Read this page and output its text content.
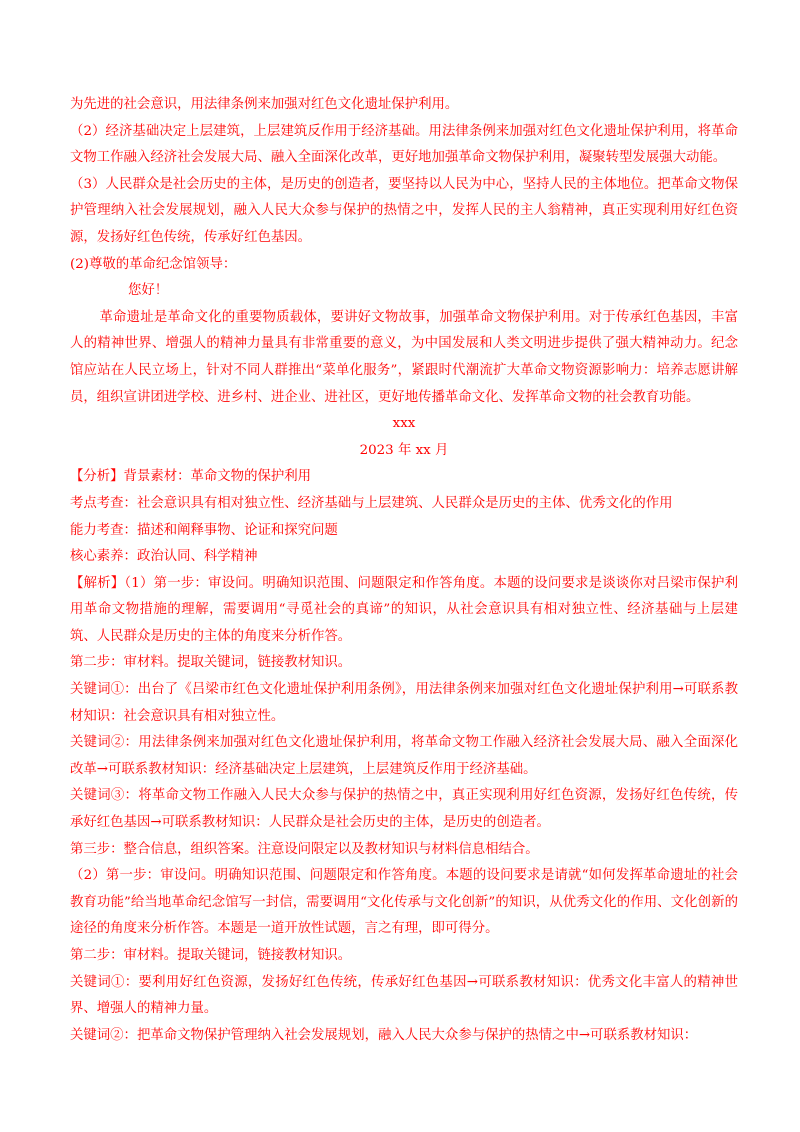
为先进的社会意识，用法律条例来加强对红色文化遗址保护利用。

（2）经济基础决定上层建筑，上层建筑反作用于经济基础。用法律条例来加强对红色文化遗址保护利用，将革命文物工作融入经济社会发展大局、融入全面深化改革，更好地加强革命文物保护利用，凝聚转型发展强大动能。

（3）人民群众是社会历史的主体，是历史的创造者，要坚持以人民为中心，坚持人民的主体地位。把革命文物保护管理纳入社会发展规划，融入人民大众参与保护的热情之中，发挥人民的主人翁精神，真正实现利用好红色资源，发扬好红色传统，传承好红色基因。

(2)尊敬的革命纪念馆领导：

您好！

革命遗址是革命文化的重要物质载体，要讲好文物故事，加强革命文物保护利用。对于传承红色基因，丰富人的精神世界、增强人的精神力量具有非常重要的意义，为中国发展和人类文明进步提供了强大精神动力。纪念馆应站在人民立场上，针对不同人群推出“菜单化服务”，紧跟时代潮流扩大革命文物资源影响力：培养志愿讲解员，组织宣讲团进学校、进乡村、进企业、进社区，更好地传播革命文化、发挥革命文物的社会教育功能。

xxx

2023 年 xx 月

【分析】背景素材：革命文物的保护利用

考点考查：社会意识具有相对独立性、经济基础与上层建筑、人民群众是历史的主体、优秀文化的作用

能力考查：描述和阐释事物、论证和探究问题

核心素养：政治认同、科学精神

【解析】（1）第一步：审设问。明确知识范围、问题限定和作答角度。本题的设问要求是谈谈你对吕梁市保护利用革命文物措施的理解，需要调用“寻觅社会的真谛”的知识，从社会意识具有相对独立性、经济基础与上层建筑、人民群众是历史的主体的角度来分析作答。

第二步：审材料。提取关键词，链接教材知识。

关键词①：出台了《吕梁市红色文化遗址保护利用条例》，用法律条例来加强对红色文化遗址保护利用→可联系教材知识：社会意识具有相对独立性。

关键词②：用法律条例来加强对红色文化遗址保护利用，将革命文物工作融入经济社会发展大局、融入全面深化改革→可联系教材知识：经济基础决定上层建筑，上层建筑反作用于经济基础。

关键词③：将革命文物工作融入人民大众参与保护的热情之中，真正实现利用好红色资源，发扬好红色传统，传承好红色基因→可联系教材知识：人民群众是社会历史的主体，是历史的创造者。

第三步：整合信息，组织答案。注意设问限定以及教材知识与材料信息相结合。

（2）第一步：审设问。明确知识范围、问题限定和作答角度。本题的设问要求是请就“如何发挥革命遗址的社会教育功能”给当地革命纪念馆写一封信，需要调用“文化传承与文化创新”的知识，从优秀文化的作用、文化创新的途径的角度来分析作答。本题是一道开放性试题，言之有理，即可得分。

第二步：审材料。提取关键词，链接教材知识。

关键词①：要利用好红色资源，发扬好红色传统，传承好红色基因→可联系教材知识：优秀文化丰富人的精神世界、增强人的精神力量。

关键词②：把革命文物保护管理纳入社会发展规划，融入人民大众参与保护的热情之中→可联系教材知识：
